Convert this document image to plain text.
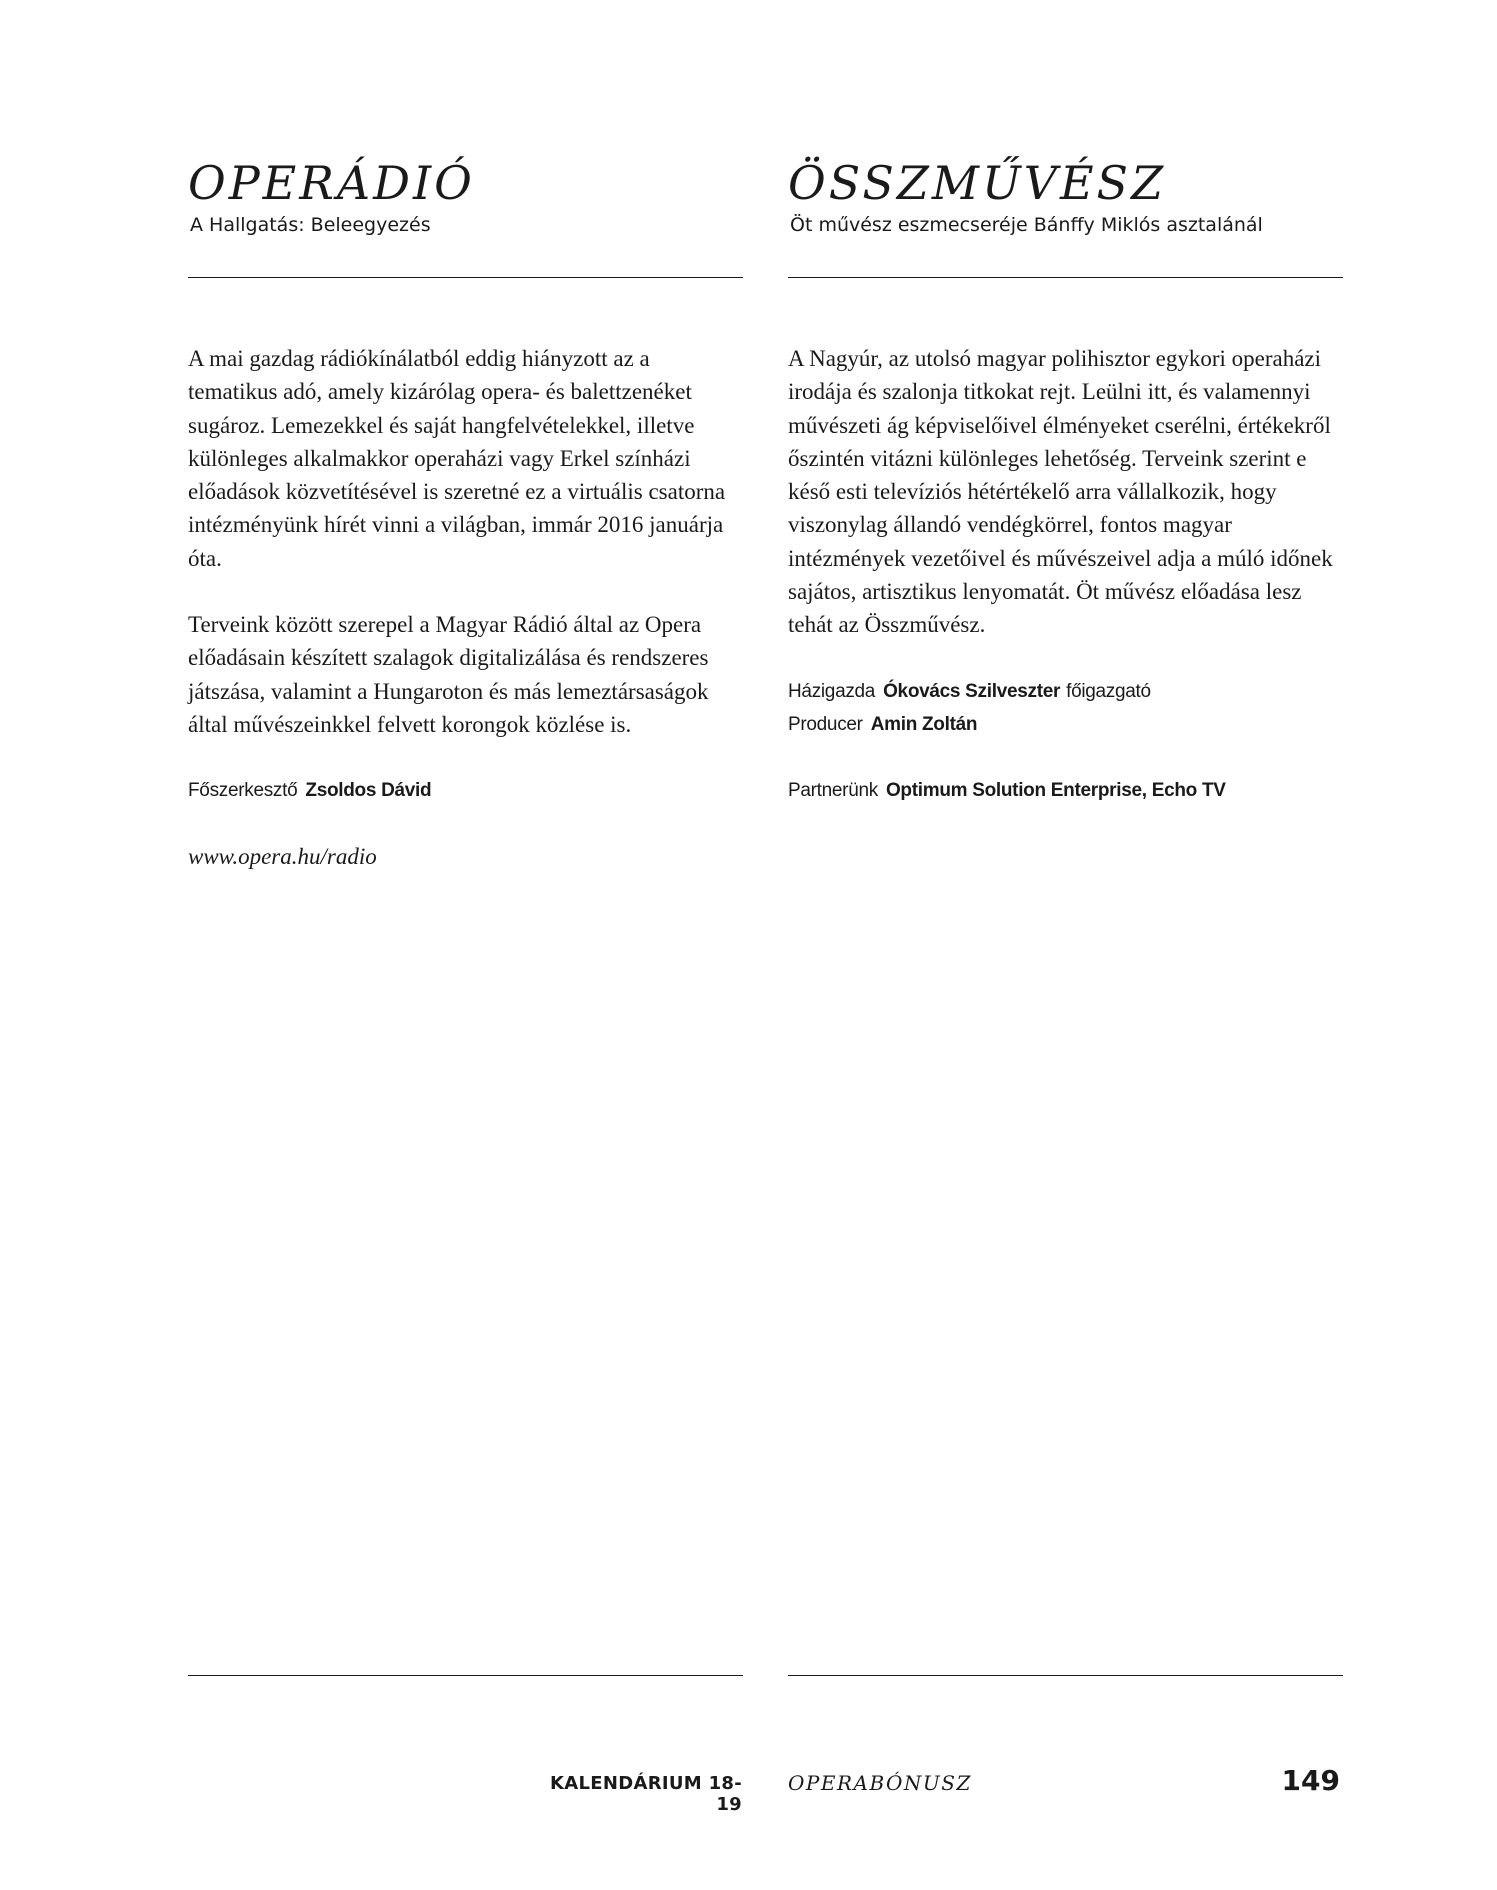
OPERÁDIÓ
A Hallgatás: Beleegyezés
ÖSSZMŰVÉSZ
Öt művész eszmecseréje Bánffy Miklós asztalánál

A mai gazdag rádiókínálatból eddig hiányzott az a tematikus adó, amely kizárólag opera- és balettzenéket sugároz. Lemezekkel és saját hangfelvételekkel, illetve különleges alkalmakkor operaházi vagy Erkel színházi előadások közvetítésével is szeretné ez a virtuális csatorna intézményünk hírét vinni a világban, immár 2016 januárja óta.

Terveink között szerepel a Magyar Rádió által az Opera előadásain készített szalagok digitalizálása és rendszeres játszása, valamint a Hungaroton és más lemeztársaságok által művészeinkkel felvett korongok közlése is.

Főszerkesztő Zsoldos Dávid

www.opera.hu/radio

A Nagyúr, az utolsó magyar polihisztor egykori operaházi irodája és szalonja titkokat rejt. Leülni itt, és valamennyi művészeti ág képviselőivel élményeket cserélni, értékekről őszintén vitázni különleges lehetőség. Terveink szerint e késő esti televíziós hétértékelő arra vállalkozik, hogy viszonylag állandó vendégkörrel, fontos magyar intézmények vezetőivel és művészeivel adja a múló időnek sajátos, artisztikus lenyomatát. Öt művész előadása lesz tehát az Összművész.

Házigazda Ókovács Szilveszter főigazgató

Producer Amin Zoltán

Partnerünk Optimum Solution Enterprise, Echo TV

KALENDÁRIUM 18-19
OPERABÓNUSZ	149
